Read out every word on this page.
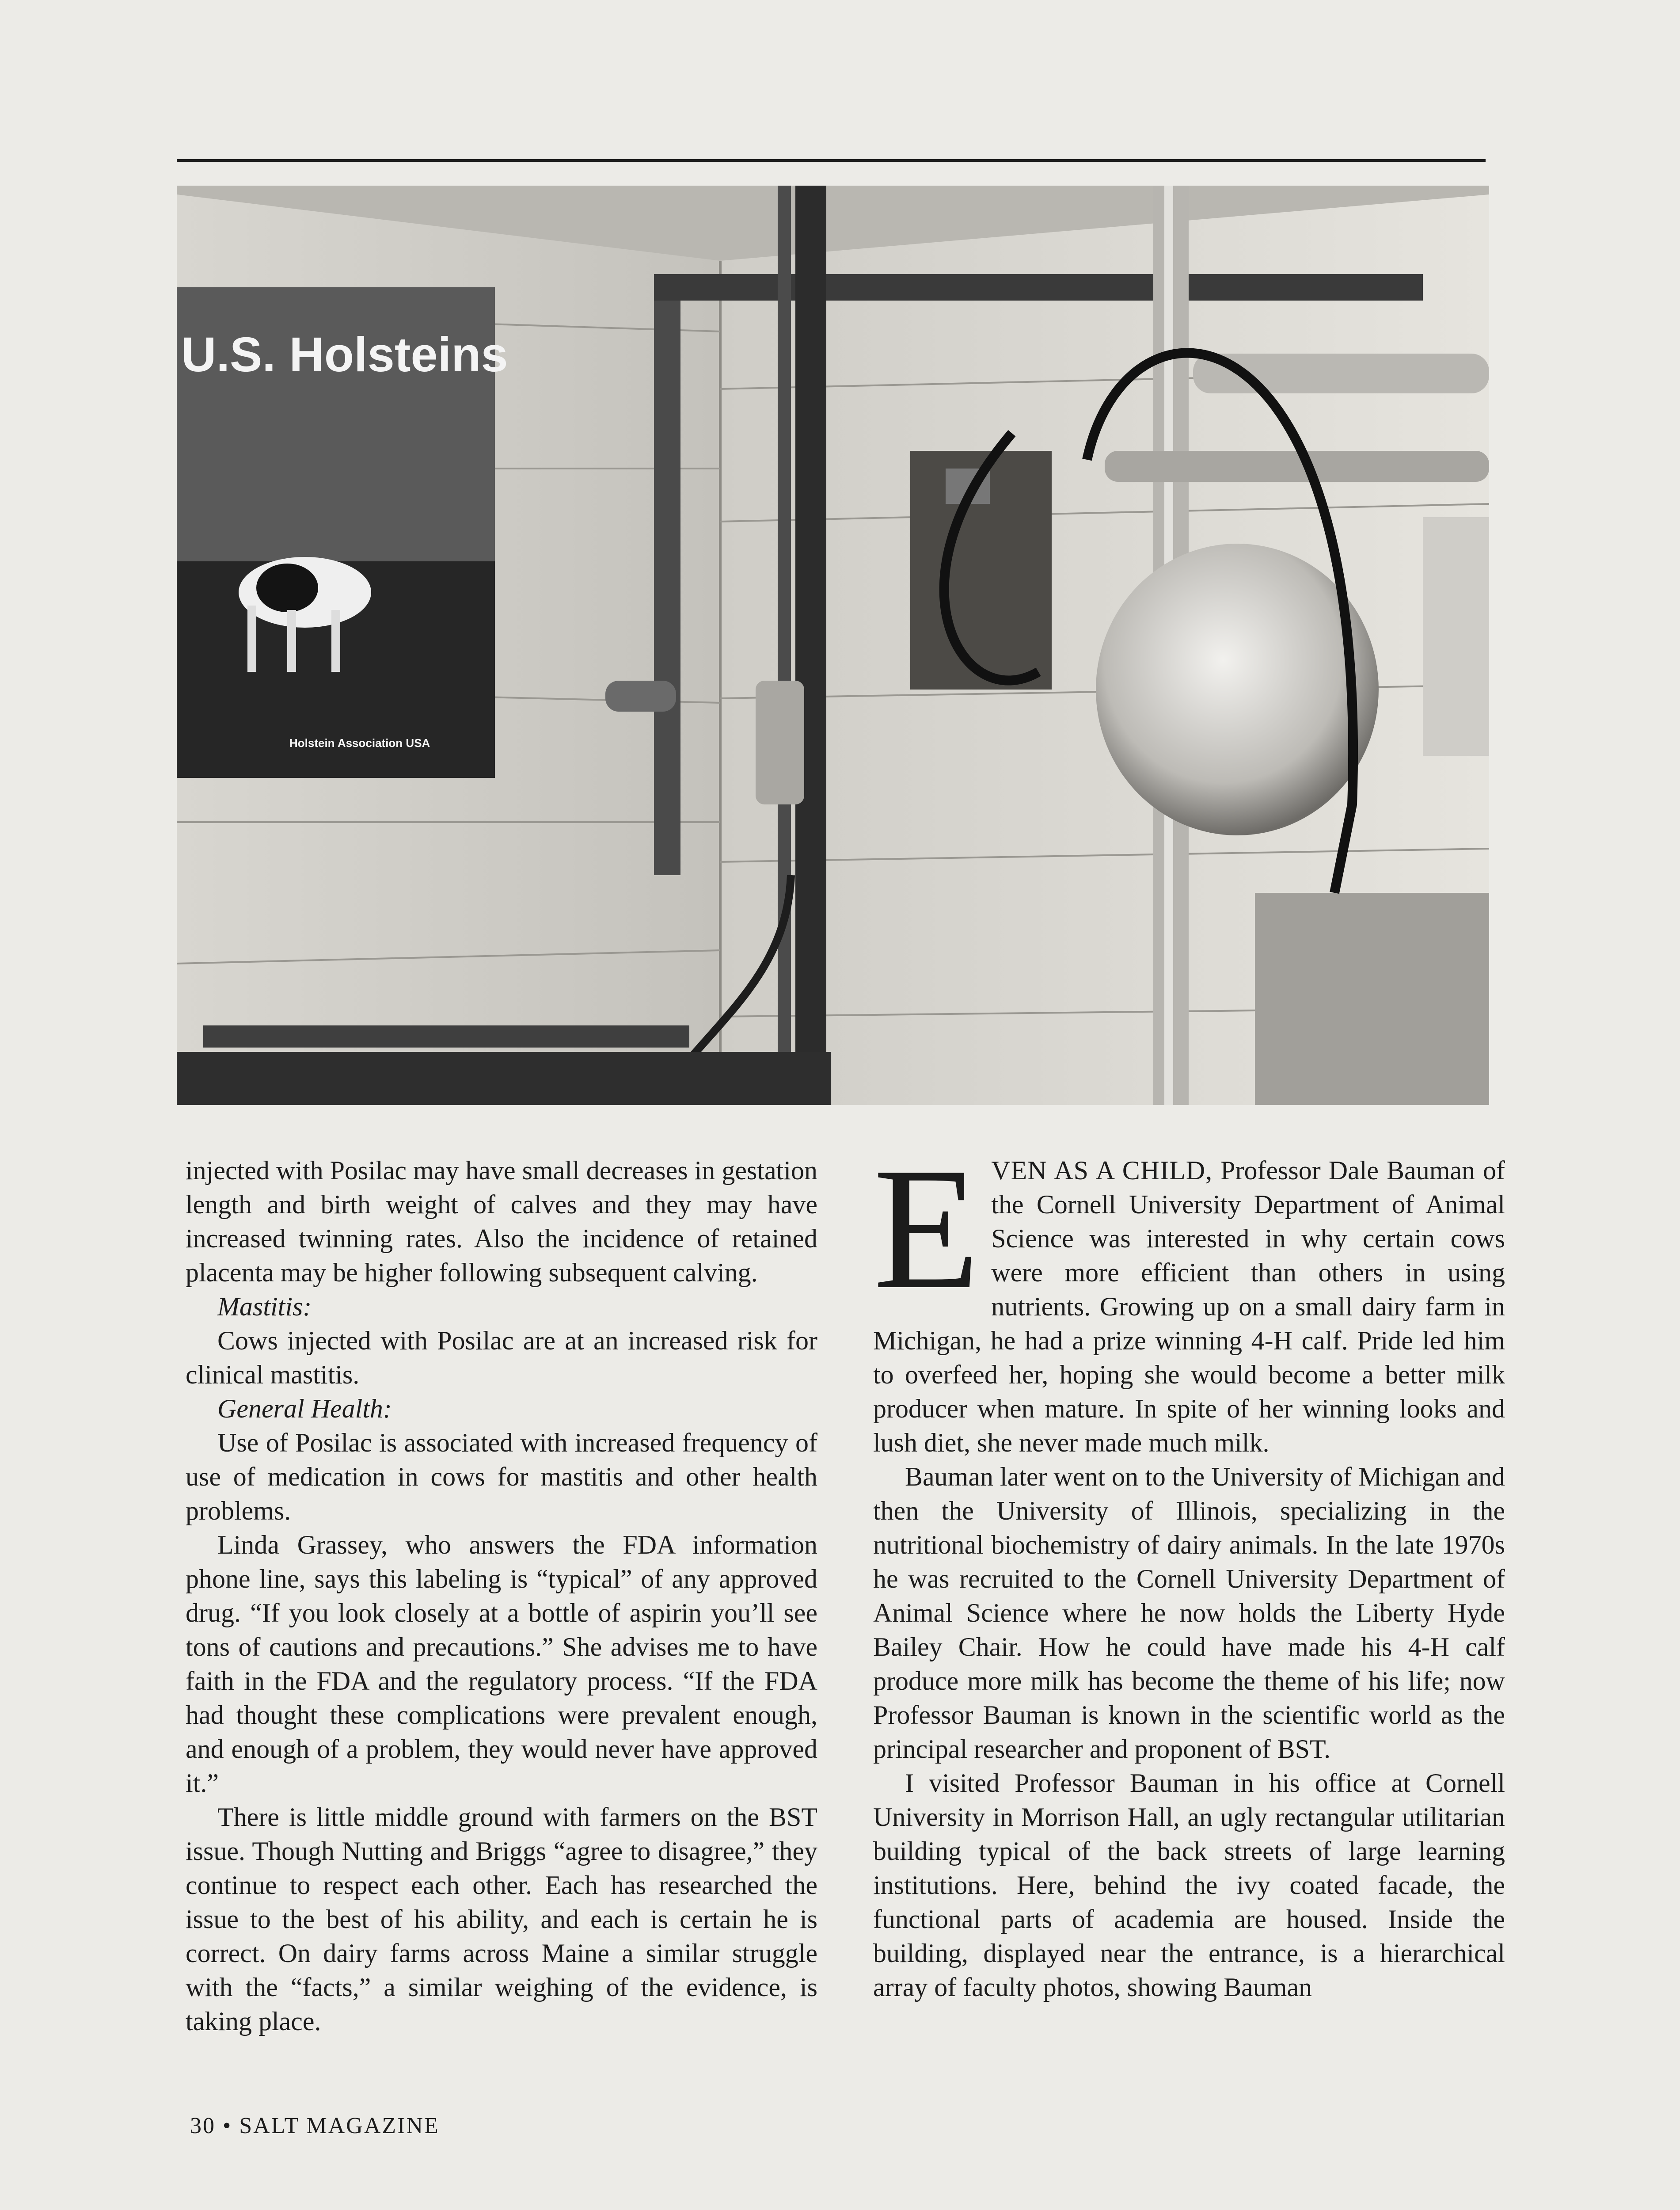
U.S. Holsteins
Holstein Association USA

injected with Posilac may have small decreases in gestation length and birth weight of calves and they may have increased twinning rates. Also the incidence of retained placenta may be higher following subsequent calving.

Mastitis:

Cows injected with Posilac are at an increased risk for clinical mastitis.

General Health:

Use of Posilac is associated with increased frequency of use of medication in cows for mastitis and other health problems.

Linda Grassey, who answers the FDA information phone line, says this labeling is “typical” of any approved drug. “If you look closely at a bottle of aspirin you’ll see tons of cautions and precautions.” She advises me to have faith in the FDA and the regulatory process. “If the FDA had thought these complications were prevalent enough, and enough of a problem, they would never have approved it.”

There is little middle ground with farmers on the BST issue. Though Nutting and Briggs “agree to disagree,” they continue to respect each other. Each has researched the issue to the best of his ability, and each is certain he is correct. On dairy farms across Maine a similar struggle with the “facts,” a similar weighing of the evidence, is taking place.

EVEN AS A CHILD, Professor Dale Bauman of the Cornell University Department of Animal Science was interested in why certain cows were more efficient than others in using nutrients. Growing up on a small dairy farm in Michigan, he had a prize winning 4-H calf. Pride led him to overfeed her, hoping she would become a better milk producer when mature. In spite of her winning looks and lush diet, she never made much milk.

Bauman later went on to the University of Michigan and then the University of Illinois, specializing in the nutritional biochemistry of dairy animals. In the late 1970s he was recruited to the Cornell University Department of Animal Science where he now holds the Liberty Hyde Bailey Chair. How he could have made his 4-H calf produce more milk has become the theme of his life; now Professor Bauman is known in the scientific world as the principal researcher and proponent of BST.

I visited Professor Bauman in his office at Cornell University in Morrison Hall, an ugly rectangular utilitarian building typical of the back streets of large learning institutions. Here, behind the ivy coated facade, the functional parts of academia are housed. Inside the building, displayed near the entrance, is a hierarchical array of faculty photos, showing Bauman

30 • SALT MAGAZINE
